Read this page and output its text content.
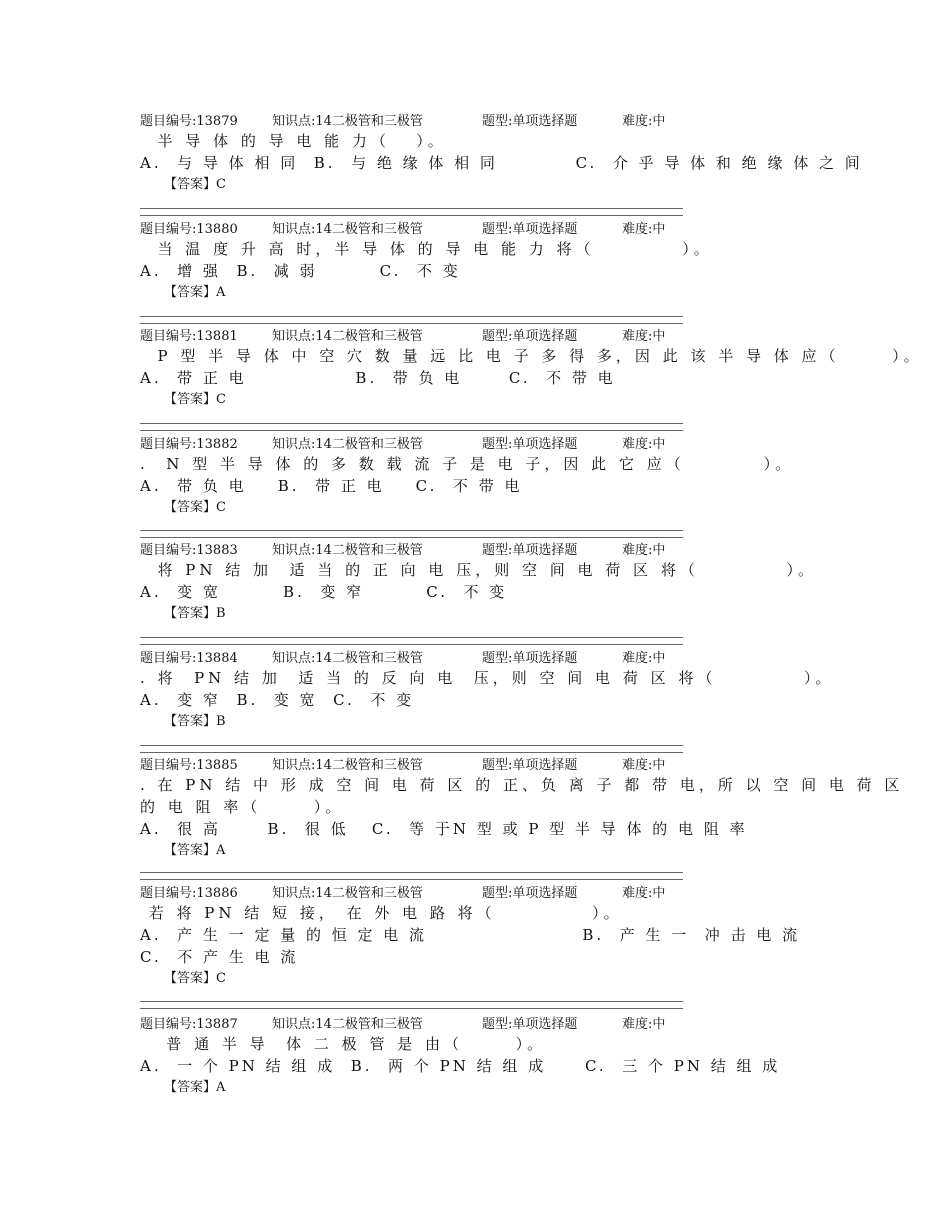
题目编号:13879	知识点:14二极管和三极管	题型:单项选择题	难度:中
半 导 体 的 导 电 能 力（   ）。
A.  与 导 体 相 同  B.  与 绝 缘 体 相 同          C.  介 乎 导 体 和 绝 缘 体 之 间
【答案】C
题目编号:13880	知识点:14二极管和三极管	题型:单项选择题	难度:中
当 温 度 升 高 时，半 导 体 的 导 电 能 力 将（          ）。
A.  增 强  B.  减 弱        C.  不 变
【答案】A
题目编号:13881	知识点:14二极管和三极管	题型:单项选择题	难度:中
P 型 半 导 体 中 空 穴 数 量 远 比 电 子 多 得 多，因 此 该 半 导 体 应（      ）。
A.  带 正 电              B.  带 负 电      C.  不 带 电
【答案】C
题目编号:13882	知识点:14二极管和三极管	题型:单项选择题	难度:中
.  N 型 半 导 体 的 多 数 载 流 子 是 电 子，因 此 它 应（         ）。
A.  带 负 电    B.  带 正 电    C.  不 带 电
【答案】C
题目编号:13883	知识点:14二极管和三极管	题型:单项选择题	难度:中
将 PN 结 加  适 当 的 正 向 电 压，则 空 间 电 荷 区 将（          ）。
A.  变 宽        B.  变 窄        C.  不 变
【答案】B
题目编号:13884	知识点:14二极管和三极管	题型:单项选择题	难度:中
. 将  PN 结 加  适 当 的 反 向 电  压，则 空 间 电 荷 区 将（          ）。
A.  变 窄  B.  变 宽  C.  不 变
【答案】B
题目编号:13885	知识点:14二极管和三极管	题型:单项选择题	难度:中
. 在 PN 结 中 形 成 空 间 电 荷 区 的 正、负 离 子 都 带 电，所 以 空 间 电 荷 区
的 电 阻 率（      ）。
A.  很 高      B.  很 低   C.  等 于N 型 或 P 型 半 导 体 的 电 阻 率
【答案】A
题目编号:13886	知识点:14二极管和三极管	题型:单项选择题	难度:中
若 将 PN 结 短 接， 在 外 电 路 将（           ）。
A.  产 生 一 定 量 的 恒 定 电 流                    B.  产 生 一  冲 击 电 流
C.  不 产 生 电 流
【答案】C
题目编号:13887	知识点:14二极管和三极管	题型:单项选择题	难度:中
普 通 半 导  体 二 极 管 是 由（      ）。
A.  一 个 PN 结 组 成  B.  两 个 PN 结 组 成     C.  三 个 PN 结 组 成
【答案】A
